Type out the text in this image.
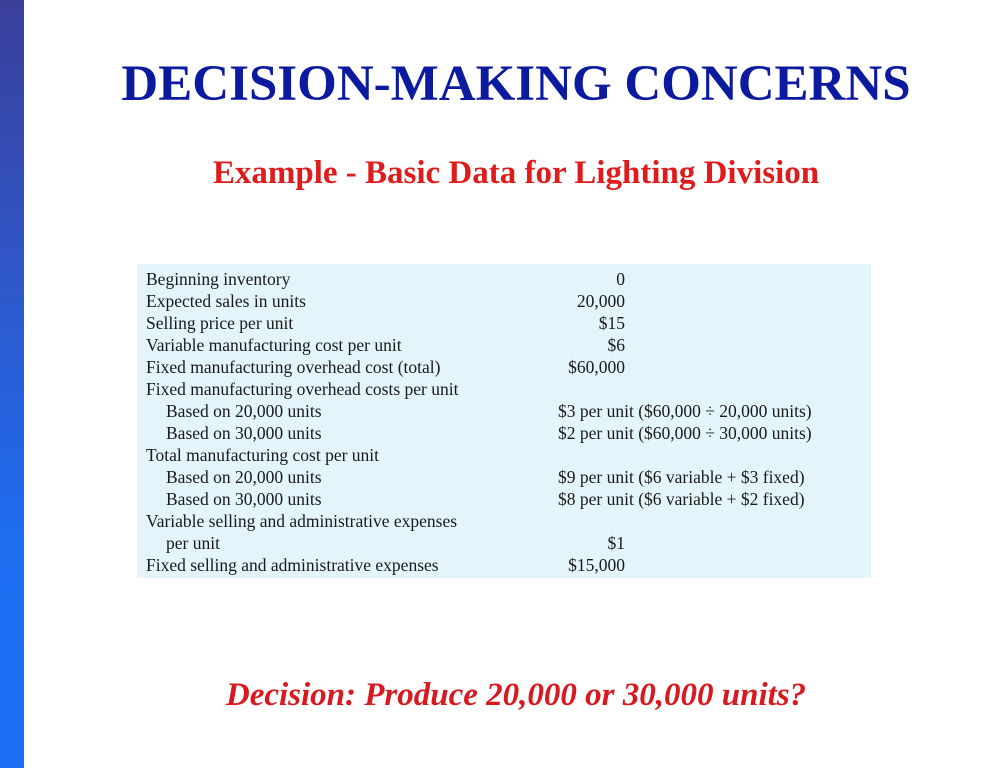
DECISION-MAKING CONCERNS
Example - Basic Data for Lighting Division
Beginning inventory	0
Expected sales in units	20,000
Selling price per unit	$15
Variable manufacturing cost per unit	$6
Fixed manufacturing overhead cost (total)	$60,000
Fixed manufacturing overhead costs per unit
Based on 20,000 units	$3 per unit ($60,000 ÷ 20,000 units)
Based on 30,000 units	$2 per unit ($60,000 ÷ 30,000 units)
Total manufacturing cost per unit
Based on 20,000 units	$9 per unit ($6 variable + $3 fixed)
Based on 30,000 units	$8 per unit ($6 variable + $2 fixed)
Variable selling and administrative expenses
per unit	$1
Fixed selling and administrative expenses	$15,000

Decision: Produce 20,000 or 30,000 units?
